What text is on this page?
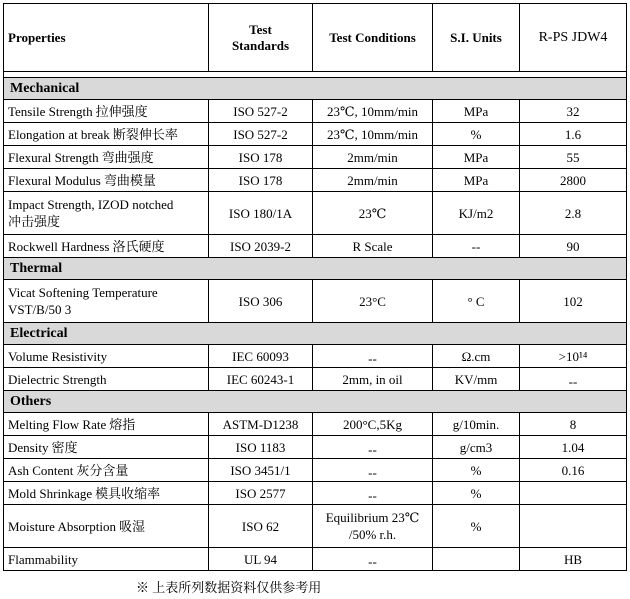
Properties	Test Standards	Test Conditions	S.I. Units	R-PS JDW4

Mechanical				
Tensile Strength 拉伸强度	ISO 527-2	23℃, 10mm/min	MPa	32
Elongation at break 断裂伸长率	ISO 527-2	23℃, 10mm/min	%	1.6
Flexural Strength 弯曲强度	ISO 178	2mm/min	MPa	55
Flexural Modulus 弯曲模量	ISO 178	2mm/min	MPa	2800
Impact Strength, IZOD notched
冲击强度	ISO 180/1A	23℃	KJ/m2	2.8
Rockwell Hardness 洛氏硬度	ISO 2039-2	R Scale	--	90
Thermal				
Vicat Softening Temperature VST/B/50 3	ISO 306	23°C	° C	102
Electrical				
Volume Resistivity	IEC 60093	--	Ω.cm	>10¹⁴
Dielectric Strength	IEC 60243-1	2mm, in oil	KV/mm	--
Others				
Melting Flow Rate 熔指	ASTM-D1238	200°C,5Kg	g/10min.	8
Density 密度	ISO 1183	--	g/cm3	1.04
Ash Content 灰分含量	ISO 3451/1	--	%	0.16
Mold Shrinkage 模具收缩率	ISO 2577	--	%	
Moisture Absorption 吸湿	ISO 62	Equilibrium 23℃ /50% r.h.	%	
Flammability	UL 94	--		HB
※ 上表所列数据资料仅供参考用
